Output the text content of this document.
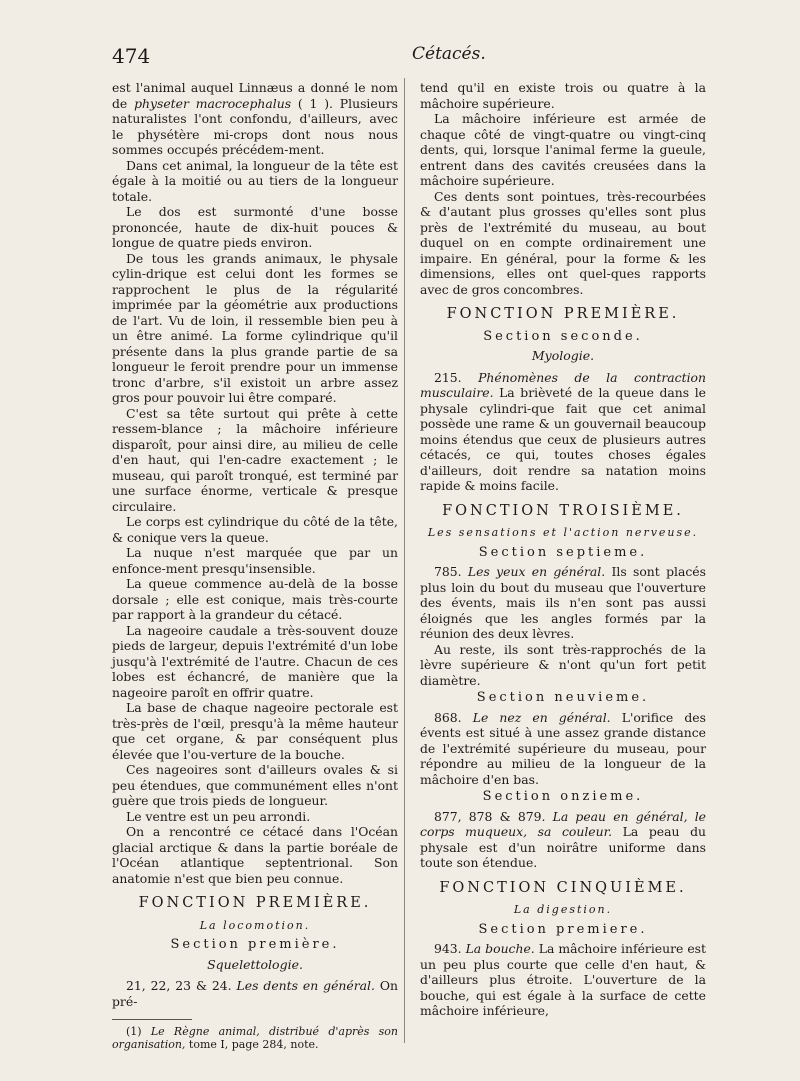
474	Cétacés.

est l'animal auquel Linnæus a donné le nom de physeter macrocephalus ( 1 ). Plusieurs naturalistes l'ont confondu, d'ailleurs, avec le physétère mi-crops dont nous nous sommes occupés précédem-ment.

Dans cet animal, la longueur de la tête est égale à la moitié ou au tiers de la longueur totale.

Le dos est surmonté d'une bosse prononcée, haute de dix-huit pouces & longue de quatre pieds environ.

De tous les grands animaux, le physale cylin-drique est celui dont les formes se rapprochent le plus de la régularité imprimée par la géométrie aux productions de l'art. Vu de loin, il ressemble bien peu à un être animé. La forme cylindrique qu'il présente dans la plus grande partie de sa longueur le feroit prendre pour un immense tronc d'arbre, s'il existoit un arbre assez gros pour pouvoir lui être comparé.

C'est sa tête surtout qui prête à cette ressem-blance ; la mâchoire inférieure disparoît, pour ainsi dire, au milieu de celle d'en haut, qui l'en-cadre exactement ; le museau, qui paroît tronqué, est terminé par une surface énorme, verticale & presque circulaire.

Le corps est cylindrique du côté de la tête, & conique vers la queue.

La nuque n'est marquée que par un enfonce-ment presqu'insensible.

La queue commence au-delà de la bosse dorsale ; elle est conique, mais très-courte par rapport à la grandeur du cétacé.

La nageoire caudale a très-souvent douze pieds de largeur, depuis l'extrémité d'un lobe jusqu'à l'extrémité de l'autre. Chacun de ces lobes est échancré, de manière que la nageoire paroît en offrir quatre.

La base de chaque nageoire pectorale est très-près de l'œil, presqu'à la même hauteur que cet organe, & par conséquent plus élevée que l'ou-verture de la bouche.

Ces nageoires sont d'ailleurs ovales & si peu étendues, que communément elles n'ont guère que trois pieds de longueur.

Le ventre est un peu arrondi.

On a rencontré ce cétacé dans l'Océan glacial arctique & dans la partie boréale de l'Océan atlantique septentrional. Son anatomie n'est que bien peu connue.

FONCTION PREMIÈRE.
La locomotion.
Section première.
Squelettologie.

21, 22, 23 & 24. Les dents en général. On pré-

(1) Le Règne animal, distribué d'après son organisation, tome I, page 284, note.

tend qu'il en existe trois ou quatre à la mâchoire supérieure.

La mâchoire inférieure est armée de chaque côté de vingt-quatre ou vingt-cinq dents, qui, lorsque l'animal ferme la gueule, entrent dans des cavités creusées dans la mâchoire supérieure.

Ces dents sont pointues, très-recourbées & d'autant plus grosses qu'elles sont plus près de l'extrémité du museau, au bout duquel on en compte ordinairement une impaire. En général, pour la forme & les dimensions, elles ont quel-ques rapports avec de gros concombres.

FONCTION PREMIÈRE.
Section seconde.
Myologie.

215. Phénomènes de la contraction musculaire. La brièveté de la queue dans le physale cylindri-que fait que cet animal possède une rame & un gouvernail beaucoup moins étendus que ceux de plusieurs autres cétacés, ce qui, toutes choses égales d'ailleurs, doit rendre sa natation moins rapide & moins facile.

FONCTION TROISIÈME.
Les sensations et l'action nerveuse.
Section septieme.

785. Les yeux en général. Ils sont placés plus loin du bout du museau que l'ouverture des évents, mais ils n'en sont pas aussi éloignés que les angles formés par la réunion des deux lèvres.

Au reste, ils sont très-rapprochés de la lèvre supérieure & n'ont qu'un fort petit diamètre.

Section neuvieme.

868. Le nez en général. L'orifice des évents est situé à une assez grande distance de l'extrémité supérieure du museau, pour répondre au milieu de la longueur de la mâchoire d'en bas.

Section onzieme.

877, 878 & 879. La peau en général, le corps muqueux, sa couleur. La peau du physale est d'un noirâtre uniforme dans toute son étendue.

FONCTION CINQUIÈME.
La digestion.
Section premiere.

943. La bouche. La mâchoire inférieure est un peu plus courte que celle d'en haut, & d'ailleurs plus étroite. L'ouverture de la bouche, qui est égale à la surface de cette mâchoire inférieure,
